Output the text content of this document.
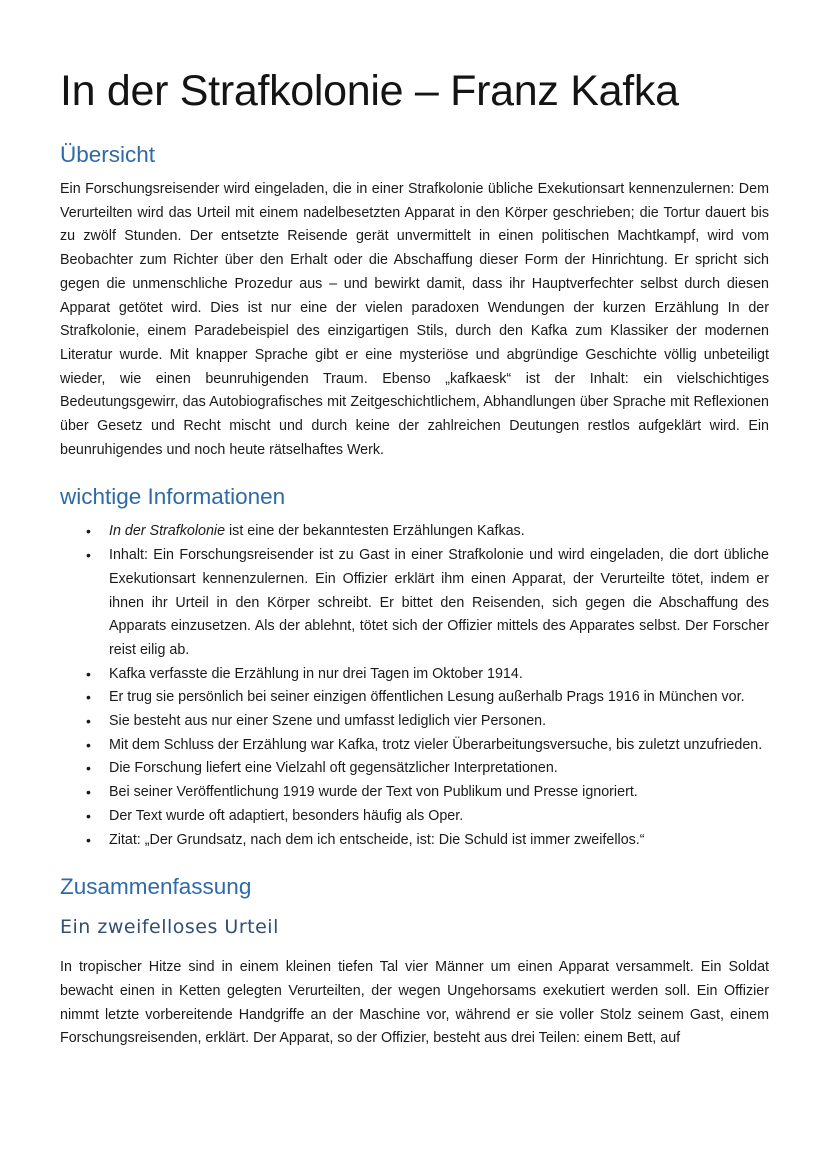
In der Strafkolonie – Franz Kafka
Übersicht

Ein Forschungsreisender wird eingeladen, die in einer Strafkolonie übliche Exekutionsart kennenzulernen: Dem Verurteilten wird das Urteil mit einem nadelbesetzten Apparat in den Körper geschrieben; die Tortur dauert bis zu zwölf Stunden. Der entsetzte Reisende gerät unvermittelt in einen politischen Machtkampf, wird vom Beobachter zum Richter über den Erhalt oder die Abschaffung dieser Form der Hinrichtung. Er spricht sich gegen die unmenschliche Prozedur aus – und bewirkt damit, dass ihr Hauptverfechter selbst durch diesen Apparat getötet wird. Dies ist nur eine der vielen paradoxen Wendungen der kurzen Erzählung In der Strafkolonie, einem Paradebeispiel des einzigartigen Stils, durch den Kafka zum Klassiker der modernen Literatur wurde. Mit knapper Sprache gibt er eine mysteriöse und abgründige Geschichte völlig unbeteiligt wieder, wie einen beunruhigenden Traum. Ebenso „kafkaesk“ ist der Inhalt: ein vielschichtiges Bedeutungsgewirr, das Autobiografisches mit Zeitgeschichtlichem, Abhandlungen über Sprache mit Reflexionen über Gesetz und Recht mischt und durch keine der zahlreichen Deutungen restlos aufgeklärt wird. Ein beunruhigendes und noch heute rätselhaftes Werk.

wichtige Informationen
• In der Strafkolonie ist eine der bekanntesten Erzählungen Kafkas.
• Inhalt: Ein Forschungsreisender ist zu Gast in einer Strafkolonie und wird eingeladen, die dort übliche Exekutionsart kennenzulernen. Ein Offizier erklärt ihm einen Apparat, der Verurteilte tötet, indem er ihnen ihr Urteil in den Körper schreibt. Er bittet den Reisenden, sich gegen die Abschaffung des Apparats einzusetzen. Als der ablehnt, tötet sich der Offizier mittels des Apparates selbst. Der Forscher reist eilig ab.
• Kafka verfasste die Erzählung in nur drei Tagen im Oktober 1914.
• Er trug sie persönlich bei seiner einzigen öffentlichen Lesung außerhalb Prags 1916 in München vor.
• Sie besteht aus nur einer Szene und umfasst lediglich vier Personen.
• Mit dem Schluss der Erzählung war Kafka, trotz vieler Überarbeitungsversuche, bis zuletzt unzufrieden.
• Die Forschung liefert eine Vielzahl oft gegensätzlicher Interpretationen.
• Bei seiner Veröffentlichung 1919 wurde der Text von Publikum und Presse ignoriert.
• Der Text wurde oft adaptiert, besonders häufig als Oper.
• Zitat: „Der Grundsatz, nach dem ich entscheide, ist: Die Schuld ist immer zweifellos.“
Zusammenfassung
Ein zweifelloses Urteil

In tropischer Hitze sind in einem kleinen tiefen Tal vier Männer um einen Apparat versammelt. Ein Soldat bewacht einen in Ketten gelegten Verurteilten, der wegen Ungehorsams exekutiert werden soll. Ein Offizier nimmt letzte vorbereitende Handgriffe an der Maschine vor, während er sie voller Stolz seinem Gast, einem Forschungsreisenden, erklärt. Der Apparat, so der Offizier, besteht aus drei Teilen: einem Bett, auf
